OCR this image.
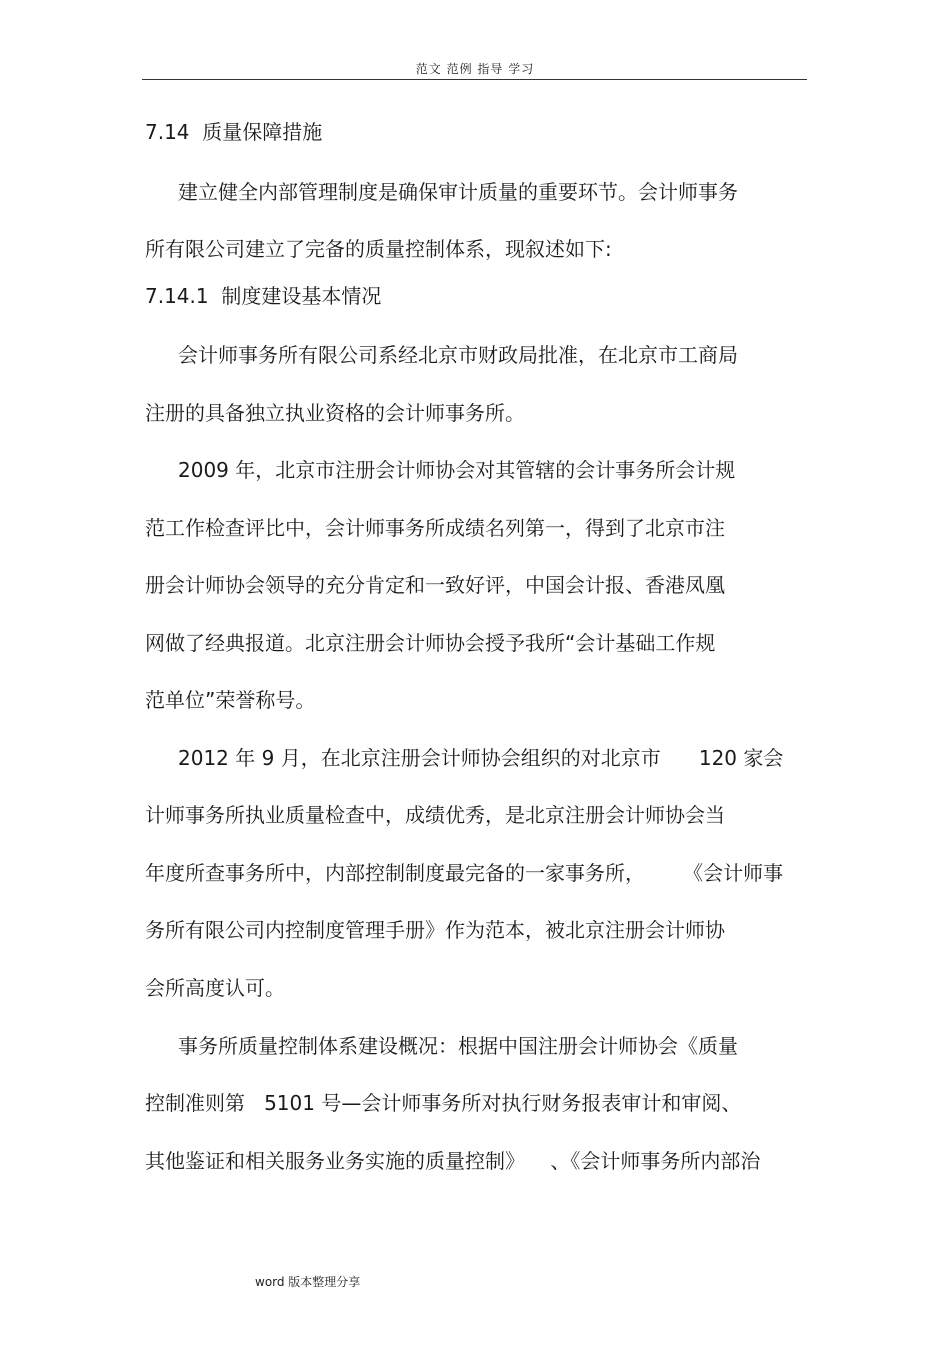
范文 范例 指导 学习
7.14  质量保障措施
建立健全内部管理制度是确保审计质量的重要环节。会计师事务
所有限公司建立了完备的质量控制体系，现叙述如下:
7.14.1  制度建设基本情况
会计师事务所有限公司系经北京市财政局批准，在北京市工商局
注册的具备独立执业资格的会计师事务所。
2009 年，北京市注册会计师协会对其管辖的会计事务所会计规
范工作检查评比中，会计师事务所成绩名列第一，得到了北京市注
册会计师协会领导的充分肯定和一致好评，中国会计报、香港凤凰
网做了经典报道。北京注册会计师协会授予我所“会计基础工作规
范单位”荣誉称号。
2012 年 9 月，在北京注册会计师协会组织的对北京市      120 家会
计师事务所执业质量检查中，成绩优秀，是北京注册会计师协会当
年度所查事务所中，内部控制制度最完备的一家事务所，      《会计师事
务所有限公司内控制度管理手册》作为范本，被北京注册会计师协
会所高度认可。
事务所质量控制体系建设概况：根据中国注册会计师协会《质量
控制准则第   5101 号—会计师事务所对执行财务报表审计和审阅、
其他鉴证和相关服务业务实施的质量控制》    、《会计师事务所内部治
word 版本整理分享
